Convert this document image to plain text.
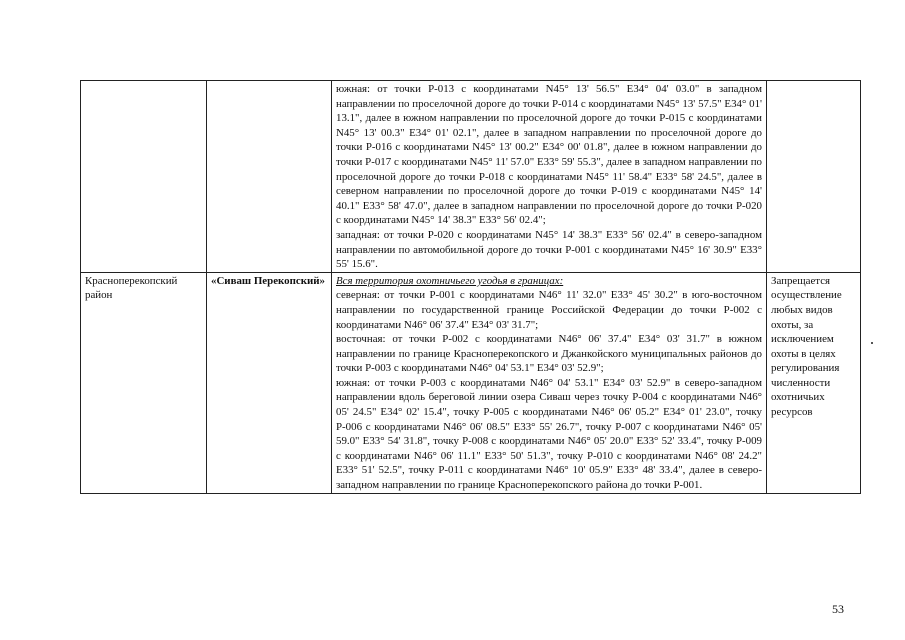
		южная: от точки Р-013 с координатами N45° 13' 56.5" E34° 04' 03.0" в западном направлении по проселочной дороге до точки Р-014 с координатами N45° 13' 57.5" E34° 01' 13.1", далее в южном направлении по проселочной дороге до точки Р-015 с координатами N45° 13' 00.3" E34° 01' 02.1", далее в западном направлении по проселочной дороге до точки Р-016 с координатами N45° 13' 00.2" E34° 00' 01.8", далее в южном направлении до точки Р-017 с координатами N45° 11' 57.0" E33° 59' 55.3", далее в западном направлении по проселочной дороге до точки Р-018 с координатами N45° 11' 58.4" E33° 58' 24.5", далее в северном направлении по проселочной дороге до точки Р-019 с координатами N45° 14' 40.1" E33° 58' 47.0", далее в западном направлении по проселочной дороге до точки Р-020 с координатами N45° 14' 38.3" E33° 56' 02.4";

западная: от точки Р-020 с координатами N45° 14' 38.3" E33° 56' 02.4" в северо-западном направлении по автомобильной дороге до точки Р-001 с координатами N45° 16' 30.9" E33° 55' 15.6".	

Красноперекопский район	«Сиваш Перекопский»	Вся территория охотничьего угодья в границах:

северная: от точки Р-001 с координатами N46° 11' 32.0" E33° 45' 30.2" в юго-восточном направлении по государственной границе Российской Федерации до точки Р-002 с координатами N46° 06' 37.4" E34° 03' 31.7";

восточная: от точки Р-002 с координатами N46° 06' 37.4" E34° 03' 31.7" в южном направлении по границе Красноперекопского и Джанкойского муниципальных районов до точки Р-003 с координатами N46° 04' 53.1" E34° 03' 52.9";

южная: от точки Р-003 с координатами N46° 04' 53.1" E34° 03' 52.9" в северо-западном направлении вдоль береговой линии озера Сиваш через точку Р-004 с координатами N46° 05' 24.5" E34° 02' 15.4", точку Р-005 с координатами N46° 06' 05.2" E34° 01' 23.0", точку Р-006 с координатами N46° 06' 08.5" E33° 55' 26.7", точку Р-007 с координатами N46° 05' 59.0" E33° 54' 31.8", точку Р-008 с координатами N46° 05' 20.0" E33° 52' 33.4", точку Р-009 с координатами N46° 06' 11.1" E33° 50' 51.3", точку Р-010 с координатами N46° 08' 24.2" E33° 51' 52.5", точку Р-011 с координатами N46° 10' 05.9" E33° 48' 33.4", далее в северо-западном направлении по границе Красноперекопского района до точки Р-001.	Запрещается осуществление любых видов охоты, за исключением охоты в целях регулирования численности охотничьих ресурсов

53
